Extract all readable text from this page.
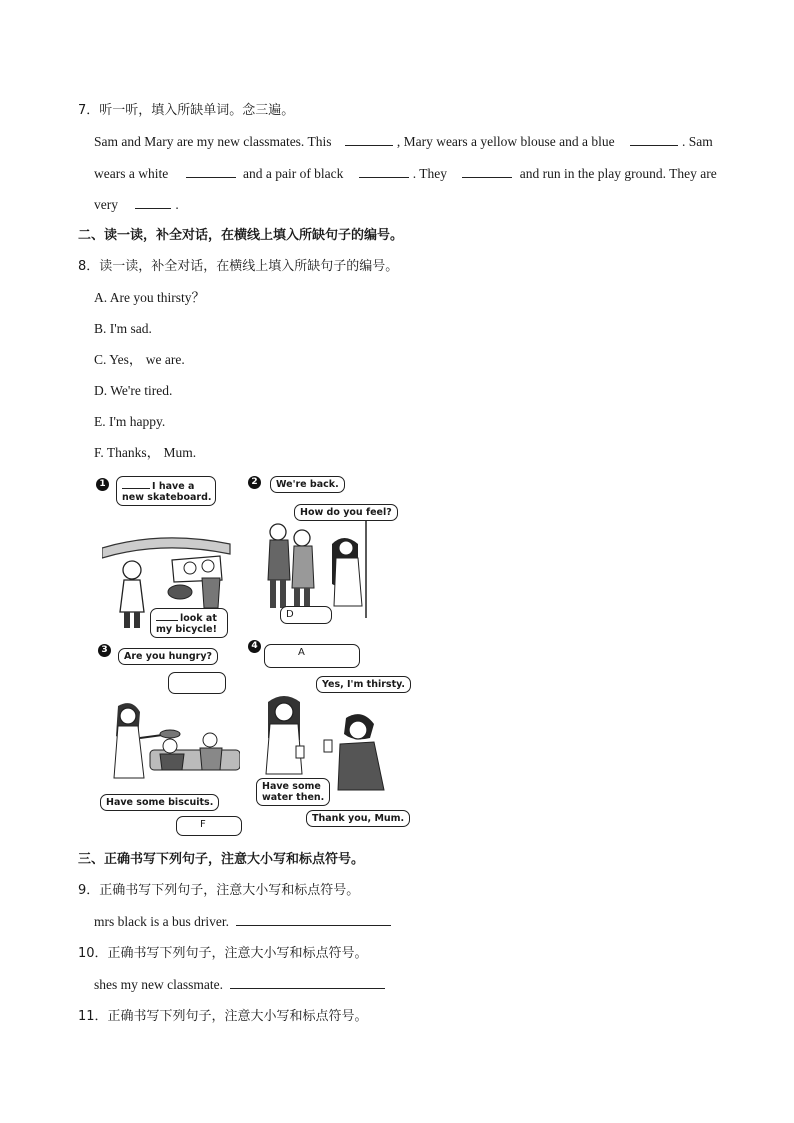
7．听一听，填入所缺单词。念三遍。
Sam and Mary are my new classmates. This	, Mary wears a yellow blouse and a blue	. Sam
wears a white	and a pair of black	. They	and run in the play ground. They are
very	.
二、读一读，补全对话，在横线上填入所缺句子的编号。
8．读一读，补全对话，在横线上填入所缺句子的编号。
A. Are you thirsty？
B. I'm sad.
C. Yes， we are.
D. We're tired.
E. I'm happy.
F. Thanks， Mum.
1	I have a
new skateboard.
look at
my bicycle!
2	We're back.
How do you feel?
D
3
Are you hungry?
Have some biscuits.
F
4
A
Yes, I'm thirsty.
Have some
water then.
Thank you, Mum.
三、正确书写下列句子，注意大小写和标点符号。
9．正确书写下列句子，注意大小写和标点符号。
mrs black is a bus driver.
10．正确书写下列句子，注意大小写和标点符号。
shes my new classmate.
11．正确书写下列句子，注意大小写和标点符号。
